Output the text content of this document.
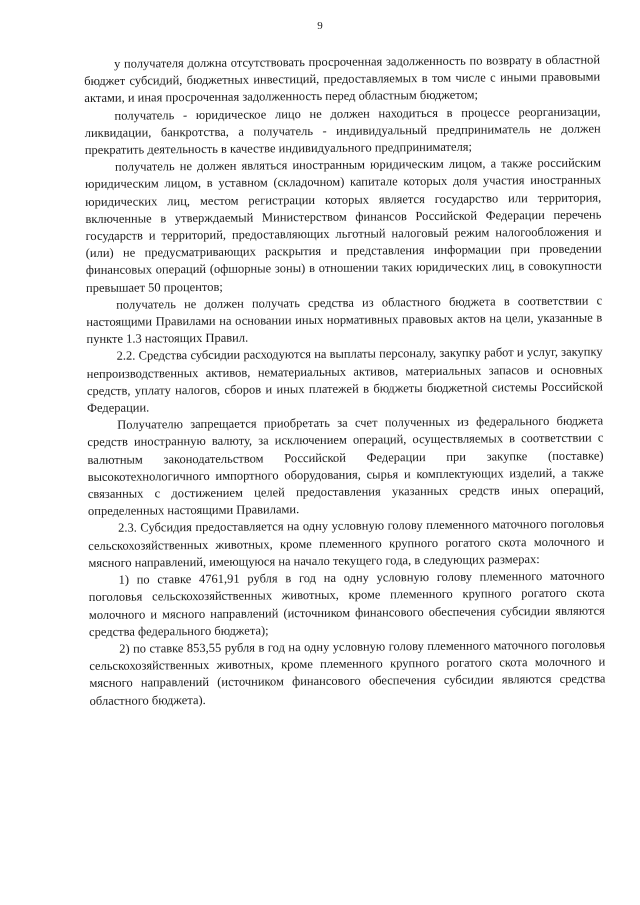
9

у получателя должна отсутствовать просроченная задолженность по возврату в областной бюджет субсидий, бюджетных инвестиций, предоставляемых в том числе с иными правовыми актами, и иная просроченная задолженность перед областным бюджетом;

получатель - юридическое лицо не должен находиться в процессе реорганизации, ликвидации, банкротства, а получатель - индивидуальный предприниматель не должен прекратить деятельность в качестве индивидуального предпринимателя;

получатель не должен являться иностранным юридическим лицом, а также российским юридическим лицом, в уставном (складочном) капитале которых доля участия иностранных юридических лиц, местом регистрации которых является государство или территория, включенные в утверждаемый Министерством финансов Российской Федерации перечень государств и территорий, предоставляющих льготный налоговый режим налогообложения и (или) не предусматривающих раскрытия и представления информации при проведении финансовых операций (офшорные зоны) в отношении таких юридических лиц, в совокупности превышает 50 процентов;

получатель не должен получать средства из областного бюджета в соответствии с настоящими Правилами на основании иных нормативных правовых актов на цели, указанные в пункте 1.3 настоящих Правил.

2.2. Средства субсидии расходуются на выплаты персоналу, закупку работ и услуг, закупку непроизводственных активов, нематериальных активов, материальных запасов и основных средств, уплату налогов, сборов и иных платежей в бюджеты бюджетной системы Российской Федерации.

Получателю запрещается приобретать за счет полученных из федерального бюджета средств иностранную валюту, за исключением операций, осуществляемых в соответствии с валютным законодательством Российской Федерации при закупке (поставке) высокотехнологичного импортного оборудования, сырья и комплектующих изделий, а также связанных с достижением целей предоставления указанных средств иных операций, определенных настоящими Правилами.

2.3. Субсидия предоставляется на одну условную голову племенного маточного поголовья сельскохозяйственных животных, кроме племенного крупного рогатого скота молочного и мясного направлений, имеющуюся на начало текущего года, в следующих размерах:

1) по ставке 4761,91 рубля в год на одну условную голову племенного маточного поголовья сельскохозяйственных животных, кроме племенного крупного рогатого скота молочного и мясного направлений (источником финансового обеспечения субсидии являются средства федерального бюджета);

2) по ставке 853,55 рубля в год на одну условную голову племенного маточного поголовья сельскохозяйственных животных, кроме племенного крупного рогатого скота молочного и мясного направлений (источником финансового обеспечения субсидии являются средства областного бюджета).
